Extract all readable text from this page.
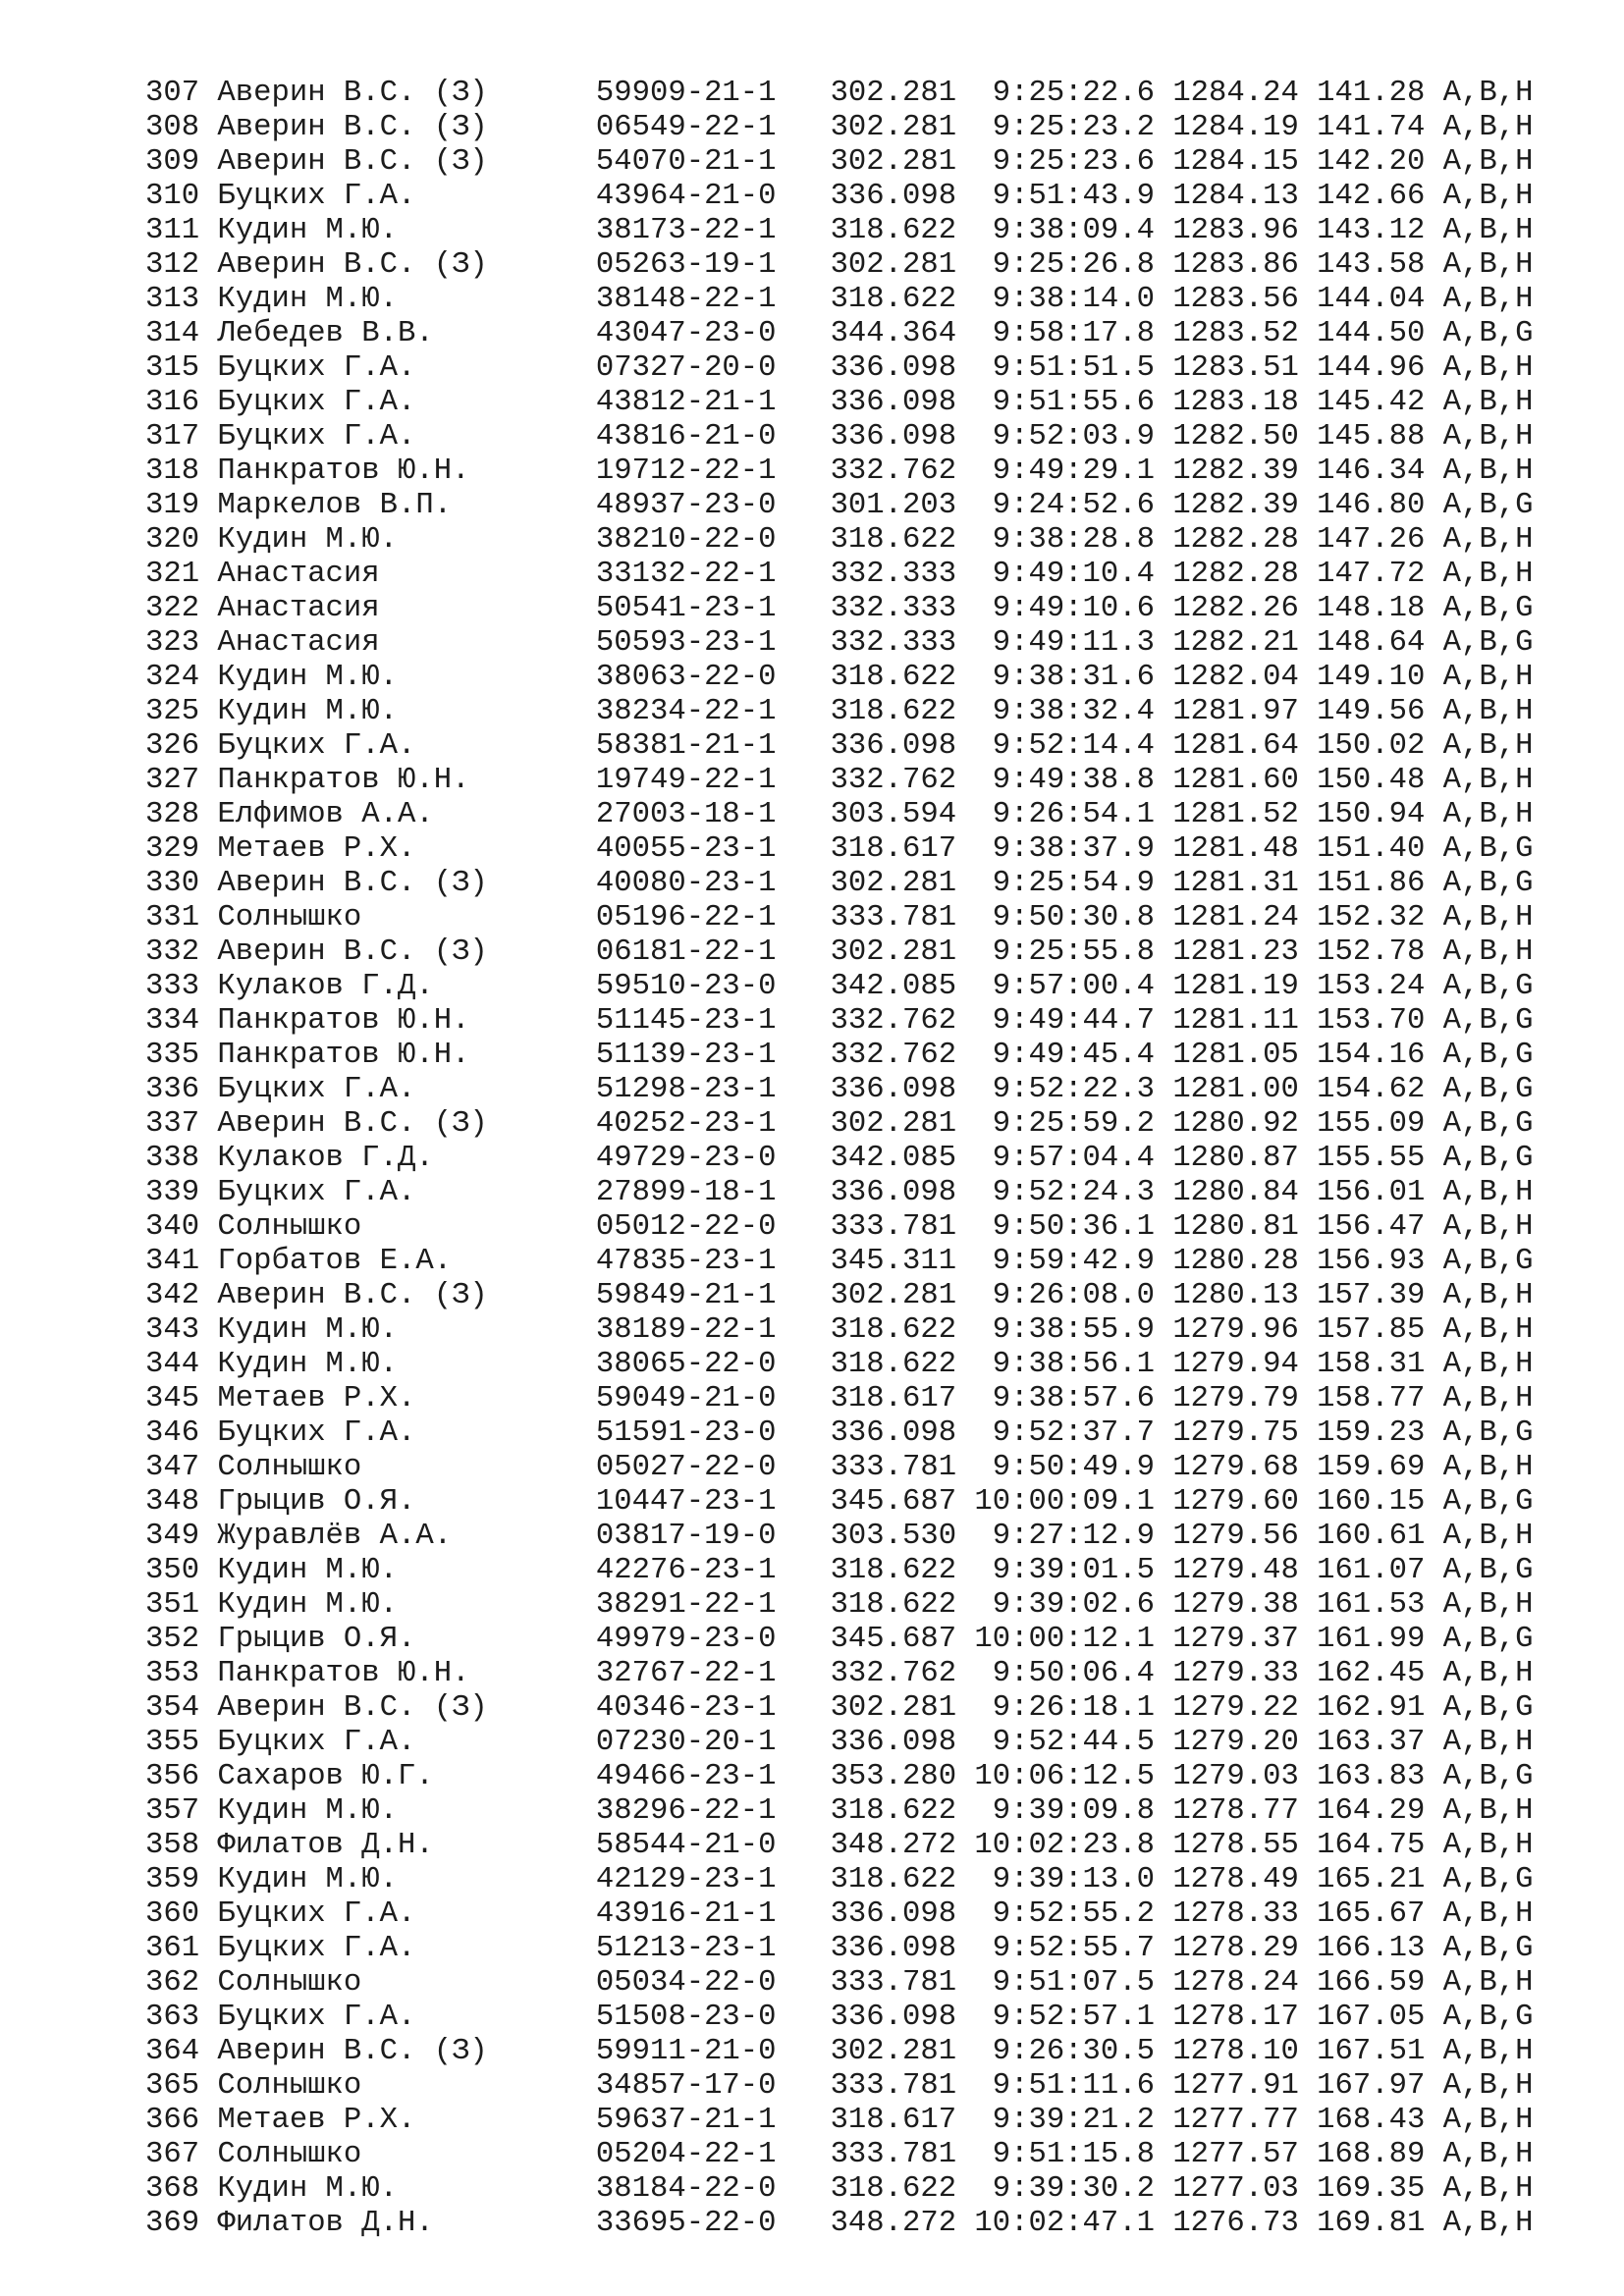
307 Аверин В.С. (З)	59909-21-1 302.281	9:25:22.6 1284.24 141.28 A,B,H
308 Аверин В.С. (З)	06549-22-1 302.281	9:25:23.2 1284.19 141.74 A,B,H
309 Аверин В.С. (З)	54070-21-1 302.281	9:25:23.6 1284.15 142.20 A,B,H
310 Буцких Г.А.	43964-21-0 336.098	9:51:43.9 1284.13 142.66 A,B,H
311 Кудин М.Ю.	38173-22-1 318.622	9:38:09.4 1283.96 143.12 A,B,H
312 Аверин В.С. (З)	05263-19-1 302.281	9:25:26.8 1283.86 143.58 A,B,H
313 Кудин М.Ю.	38148-22-1 318.622	9:38:14.0 1283.56 144.04 A,B,H
314 Лебедев В.В.	43047-23-0 344.364	9:58:17.8 1283.52 144.50 A,B,G
315 Буцких Г.А.	07327-20-0 336.098	9:51:51.5 1283.51 144.96 A,B,H
316 Буцких Г.А.	43812-21-1 336.098	9:51:55.6 1283.18 145.42 A,B,H
317 Буцких Г.А.	43816-21-0 336.098	9:52:03.9 1282.50 145.88 A,B,H
318 Панкратов Ю.Н.	19712-22-1 332.762	9:49:29.1 1282.39 146.34 A,B,H
319 Маркелов В.П.	48937-23-0 301.203	9:24:52.6 1282.39 146.80 A,B,G
320 Кудин М.Ю.	38210-22-0 318.622	9:38:28.8 1282.28 147.26 A,B,H
321 Анастасия	33132-22-1 332.333	9:49:10.4 1282.28 147.72 A,B,H
322 Анастасия	50541-23-1 332.333	9:49:10.6 1282.26 148.18 A,B,G
323 Анастасия	50593-23-1 332.333	9:49:11.3 1282.21 148.64 A,B,G
324 Кудин М.Ю.	38063-22-0 318.622	9:38:31.6 1282.04 149.10 A,B,H
325 Кудин М.Ю.	38234-22-1 318.622	9:38:32.4 1281.97 149.56 A,B,H
326 Буцких Г.А.	58381-21-1 336.098	9:52:14.4 1281.64 150.02 A,B,H
327 Панкратов Ю.Н.	19749-22-1 332.762	9:49:38.8 1281.60 150.48 A,B,H
328 Елфимов А.А.	27003-18-1 303.594	9:26:54.1 1281.52 150.94 A,B,H
329 Метаев Р.Х.	40055-23-1 318.617	9:38:37.9 1281.48 151.40 A,B,G
330 Аверин В.С. (З)	40080-23-1 302.281	9:25:54.9 1281.31 151.86 A,B,G
331 Солнышко	05196-22-1 333.781	9:50:30.8 1281.24 152.32 A,B,H
332 Аверин В.С. (З)	06181-22-1 302.281	9:25:55.8 1281.23 152.78 A,B,H
333 Кулаков Г.Д.	59510-23-0 342.085	9:57:00.4 1281.19 153.24 A,B,G
334 Панкратов Ю.Н.	51145-23-1 332.762	9:49:44.7 1281.11 153.70 A,B,G
335 Панкратов Ю.Н.	51139-23-1 332.762	9:49:45.4 1281.05 154.16 A,B,G
336 Буцких Г.А.	51298-23-1 336.098	9:52:22.3 1281.00 154.62 A,B,G
337 Аверин В.С. (З)	40252-23-1 302.281	9:25:59.2 1280.92 155.09 A,B,G
338 Кулаков Г.Д.	49729-23-0 342.085	9:57:04.4 1280.87 155.55 A,B,G
339 Буцких Г.А.	27899-18-1 336.098	9:52:24.3 1280.84 156.01 A,B,H
340 Солнышко	05012-22-0 333.781	9:50:36.1 1280.81 156.47 A,B,H
341 Горбатов Е.А.	47835-23-1 345.311	9:59:42.9 1280.28 156.93 A,B,G
342 Аверин В.С. (З)	59849-21-1 302.281	9:26:08.0 1280.13 157.39 A,B,H
343 Кудин М.Ю.	38189-22-1 318.622	9:38:55.9 1279.96 157.85 A,B,H
344 Кудин М.Ю.	38065-22-0 318.622	9:38:56.1 1279.94 158.31 A,B,H
345 Метаев Р.Х.	59049-21-0 318.617	9:38:57.6 1279.79 158.77 A,B,H
346 Буцких Г.А.	51591-23-0 336.098	9:52:37.7 1279.75 159.23 A,B,G
347 Солнышко	05027-22-0 333.781	9:50:49.9 1279.68 159.69 A,B,H
348 Грыцив О.Я.	10447-23-1 345.687 10:00:09.1 1279.60 160.15 A,B,G
349 Журавлёв А.А.	03817-19-0 303.530	9:27:12.9 1279.56 160.61 A,B,H
350 Кудин М.Ю.	42276-23-1 318.622	9:39:01.5 1279.48 161.07 A,B,G
351 Кудин М.Ю.	38291-22-1 318.622	9:39:02.6 1279.38 161.53 A,B,H
352 Грыцив О.Я.	49979-23-0 345.687 10:00:12.1 1279.37 161.99 A,B,G
353 Панкратов Ю.Н.	32767-22-1 332.762	9:50:06.4 1279.33 162.45 A,B,H
354 Аверин В.С. (З)	40346-23-1 302.281	9:26:18.1 1279.22 162.91 A,B,G
355 Буцких Г.А.	07230-20-1 336.098	9:52:44.5 1279.20 163.37 A,B,H
356 Сахаров Ю.Г.	49466-23-1 353.280 10:06:12.5 1279.03 163.83 A,B,G
357 Кудин М.Ю.	38296-22-1 318.622	9:39:09.8 1278.77 164.29 A,B,H
358 Филатов Д.Н.	58544-21-0 348.272 10:02:23.8 1278.55 164.75 A,B,H
359 Кудин М.Ю.	42129-23-1 318.622	9:39:13.0 1278.49 165.21 A,B,G
360 Буцких Г.А.	43916-21-1 336.098	9:52:55.2 1278.33 165.67 A,B,H
361 Буцких Г.А.	51213-23-1 336.098	9:52:55.7 1278.29 166.13 A,B,G
362 Солнышко	05034-22-0 333.781	9:51:07.5 1278.24 166.59 A,B,H
363 Буцких Г.А.	51508-23-0 336.098	9:52:57.1 1278.17 167.05 A,B,G
364 Аверин В.С. (З)	59911-21-0 302.281	9:26:30.5 1278.10 167.51 A,B,H
365 Солнышко	34857-17-0 333.781	9:51:11.6 1277.91 167.97 A,B,H
366 Метаев Р.Х.	59637-21-1 318.617	9:39:21.2 1277.77 168.43 A,B,H
367 Солнышко	05204-22-1 333.781	9:51:15.8 1277.57 168.89 A,B,H
368 Кудин М.Ю.	38184-22-0 318.622	9:39:30.2 1277.03 169.35 A,B,H
369 Филатов Д.Н.	33695-22-0 348.272 10:02:47.1 1276.73 169.81 A,B,H
